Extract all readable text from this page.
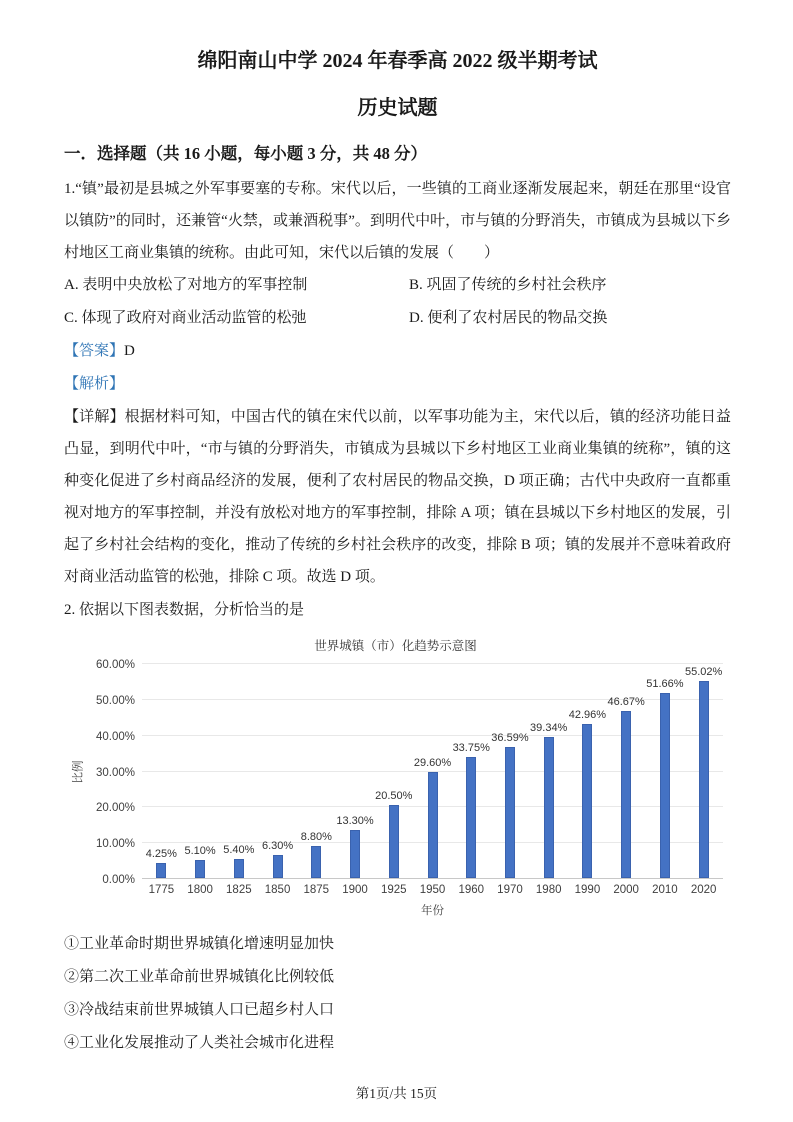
绵阳南山中学 2024 年春季高 2022 级半期考试
历史试题
一．选择题（共 16 小题，每小题 3 分，共 48 分）

1.“镇”最初是县城之外军事要塞的专称。宋代以后，一些镇的工商业逐渐发展起来，朝廷在那里“设官以镇防”的同时，还兼管“火禁，或兼酒税事”。到明代中叶，市与镇的分野消失，市镇成为县城以下乡村地区工商业集镇的统称。由此可知，宋代以后镇的发展（　　）

A. 表明中央放松了对地方的军事控制	B. 巩固了传统的乡村社会秩序
C. 体现了政府对商业活动监管的松弛	D. 便利了农村居民的物品交换

【答案】D

【解析】

【详解】根据材料可知，中国古代的镇在宋代以前，以军事功能为主，宋代以后，镇的经济功能日益凸显，到明代中叶，“市与镇的分野消失，市镇成为县城以下乡村地区工业商业集镇的统称”，镇的这种变化促进了乡村商品经济的发展，便利了农村居民的物品交换，D 项正确；古代中央政府一直都重视对地方的军事控制，并没有放松对地方的军事控制，排除 A 项；镇在县城以下乡村地区的发展，引起了乡村社会结构的变化，推动了传统的乡村社会秩序的改变，排除 B 项；镇的发展并不意味着政府对商业活动监管的松弛，排除 C 项。故选 D 项。

2. 依据以下图表数据，分析恰当的是

世界城镇（市）化趋势示意图
比例
0.00%
10.00%
20.00%
30.00%
40.00%
50.00%
60.00%
4.25% 5.10% 5.40% 6.30%
8.80%
13.30%
20.50%
29.60%
33.75%
36.59%
39.34%
42.96%
46.67%
51.66%
55.02%
1775	1800	1825	1850	1875	1900	1925	1950	1960	1970	1980	1990	2000	2010	2020
年份
①工业革命时期世界城镇化增速明显加快
②第二次工业革命前世界城镇化比例较低
③冷战结束前世界城镇人口已超乡村人口
④工业化发展推动了人类社会城市化进程
第1页/共 15页
